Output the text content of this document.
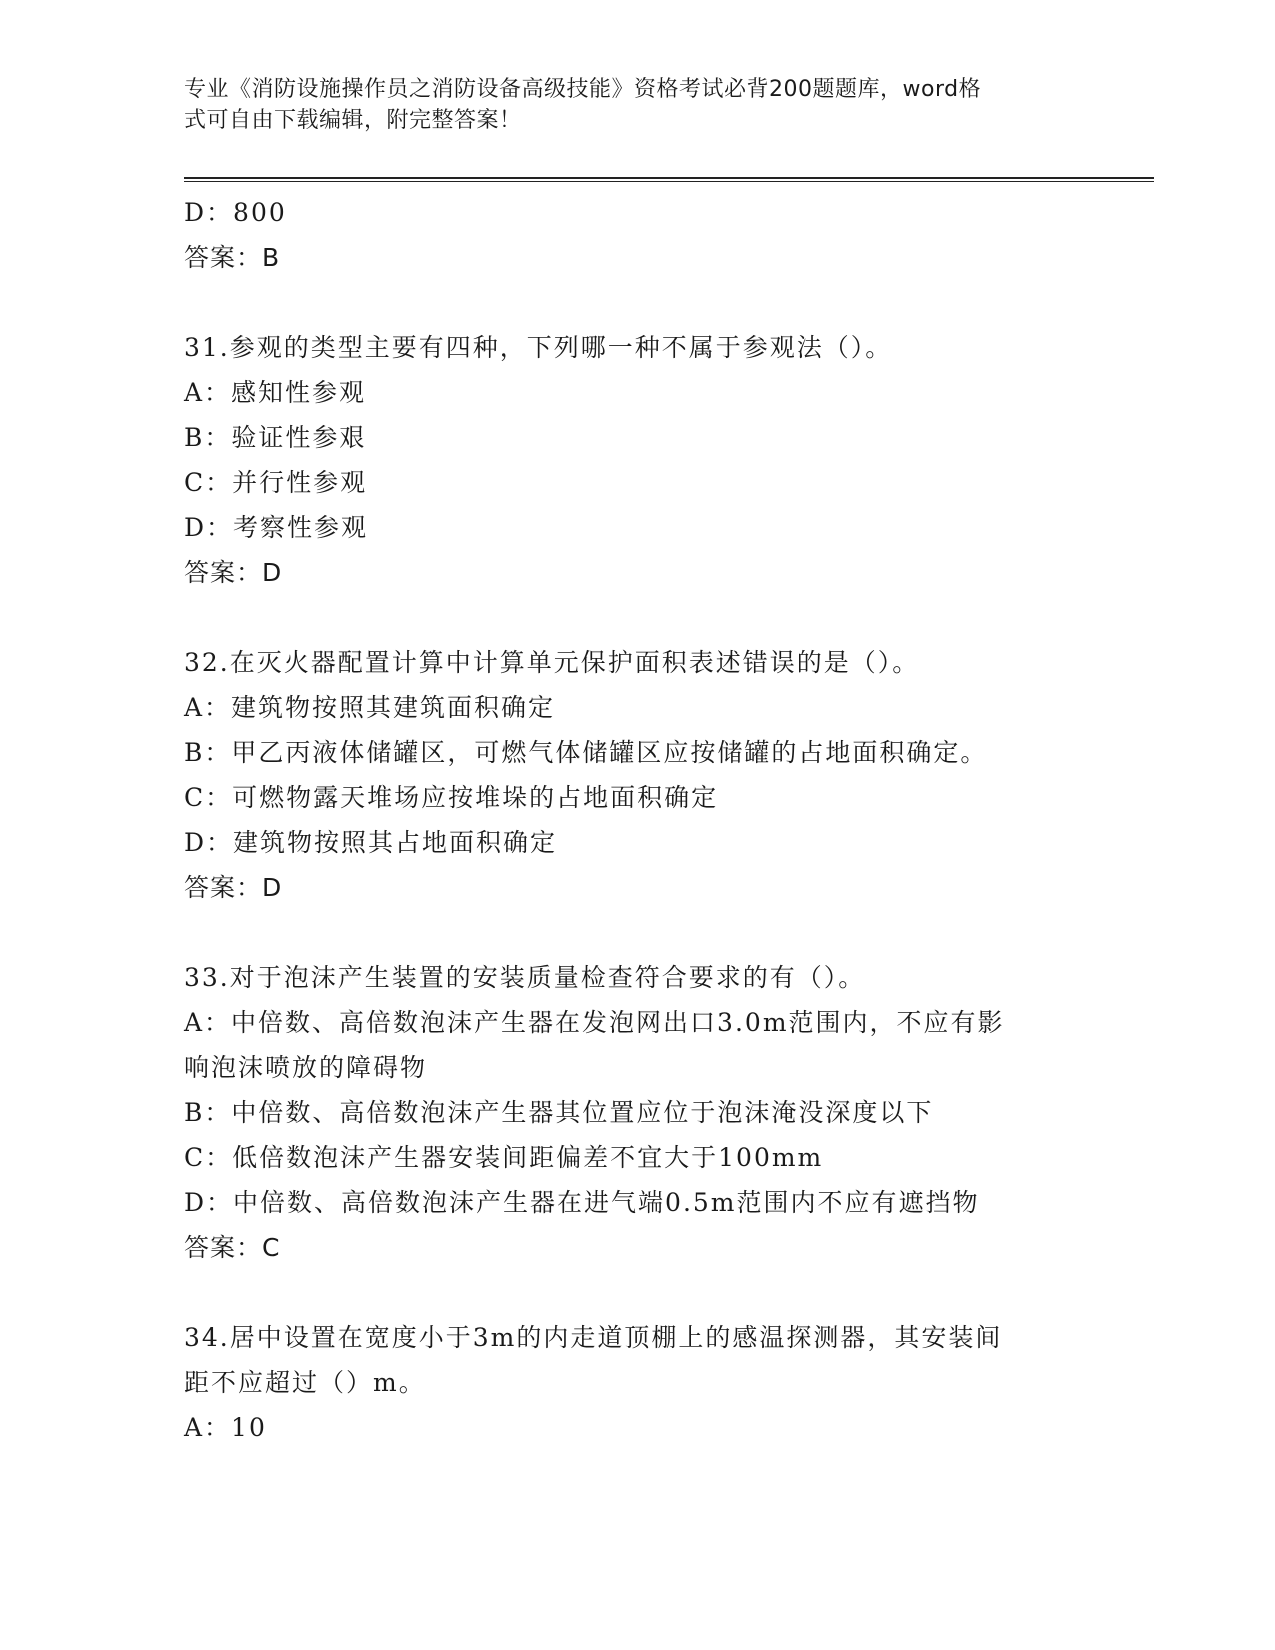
专业《消防设施操作员之消防设备高级技能》资格考试必背200题题库，word格
式可自由下载编辑，附完整答案！
D：800
答案：B
31.参观的类型主要有四种，下列哪一种不属于参观法（）。
A：感知性参观
B：验证性参艰
C：并行性参观
D：考察性参观
答案：D
32.在灭火器配置计算中计算单元保护面积表述错误的是（）。
A：建筑物按照其建筑面积确定
B：甲乙丙液体储罐区，可燃气体储罐区应按储罐的占地面积确定。
C：可燃物露天堆场应按堆垛的占地面积确定
D：建筑物按照其占地面积确定
答案：D
33.对于泡沫产生装置的安装质量检查符合要求的有（）。
A：中倍数、高倍数泡沫产生器在发泡网出口3.0m范围内，不应有影
响泡沫喷放的障碍物
B：中倍数、高倍数泡沫产生器其位置应位于泡沫淹没深度以下
C：低倍数泡沫产生器安装间距偏差不宜大于100mm
D：中倍数、高倍数泡沫产生器在进气端0.5m范围内不应有遮挡物
答案：C
34.居中设置在宽度小于3m的内走道顶棚上的感温探测器，其安装间
距不应超过（）m。
A：10
